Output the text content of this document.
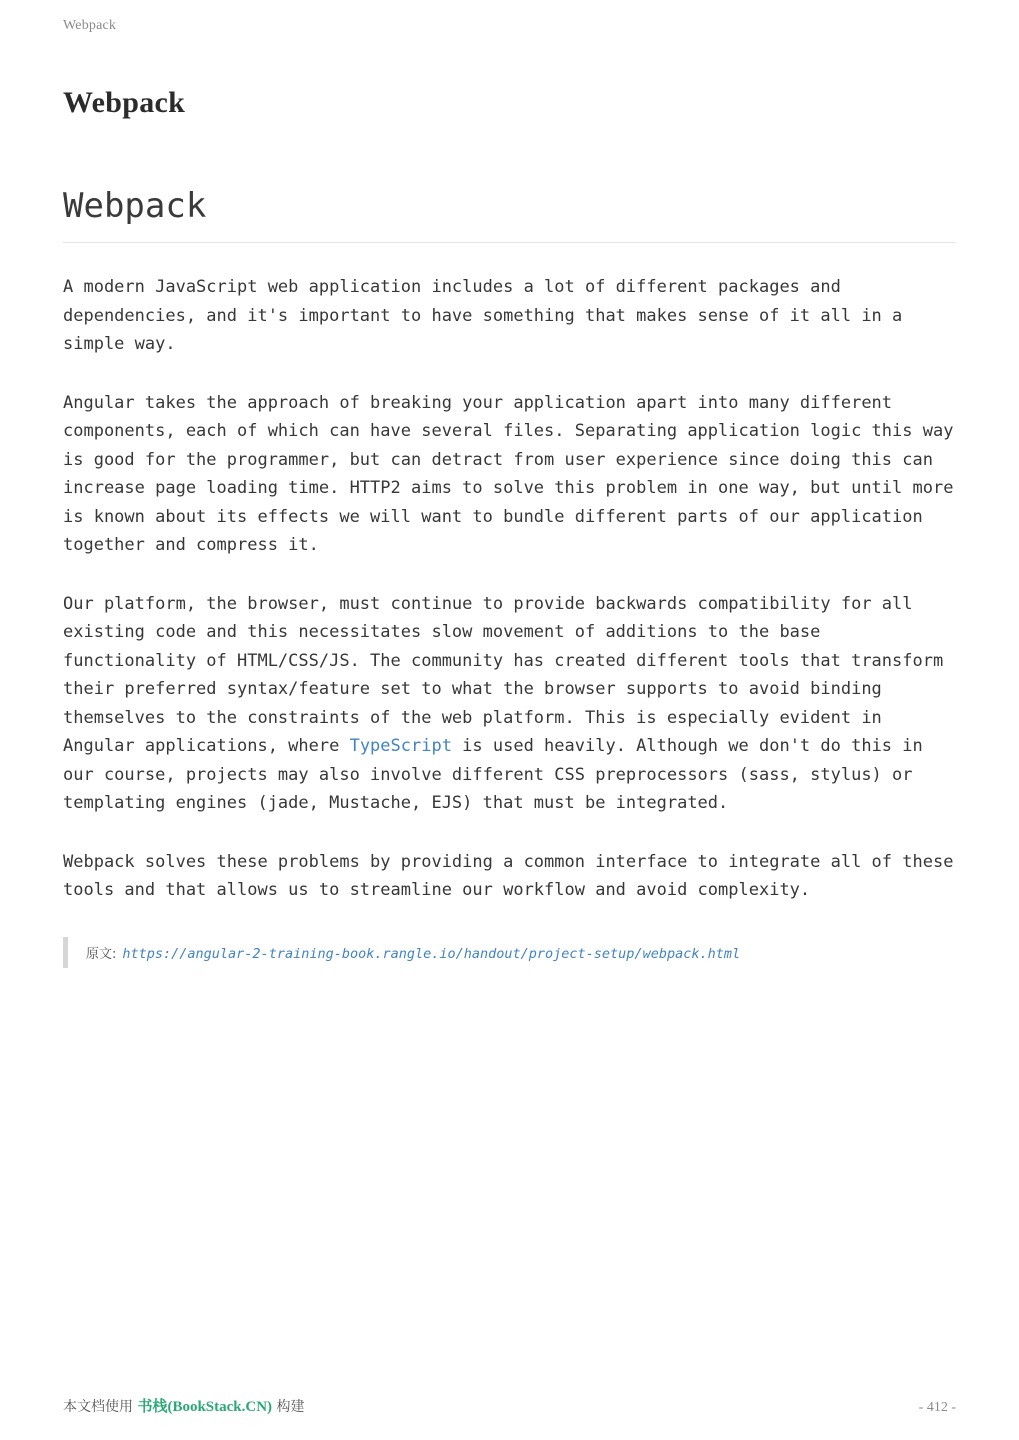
Webpack
Webpack
Webpack

A modern JavaScript web application includes a lot of different packages and dependencies, and it's important to have something that makes sense of it all in a simple way.

Angular takes the approach of breaking your application apart into many different components, each of which can have several files. Separating application logic this way is good for the programmer, but can detract from user experience since doing this can increase page loading time. HTTP2 aims to solve this problem in one way, but until more is known about its effects we will want to bundle different parts of our application together and compress it.

Our platform, the browser, must continue to provide backwards compatibility for all existing code and this necessitates slow movement of additions to the base functionality of HTML/CSS/JS. The community has created different tools that transform their preferred syntax/feature set to what the browser supports to avoid binding themselves to the constraints of the web platform. This is especially evident in Angular applications, where TypeScript is used heavily. Although we don't do this in our course, projects may also involve different CSS preprocessors (sass, stylus) or templating engines (jade, Mustache, EJS) that must be integrated.

Webpack solves these problems by providing a common interface to integrate all of these tools and that allows us to streamline our workflow and avoid complexity.

原文: https://angular-2-training-book.rangle.io/handout/project-setup/webpack.html
本文档使用 书栈(BookStack.CN) 构建	- 412 -
